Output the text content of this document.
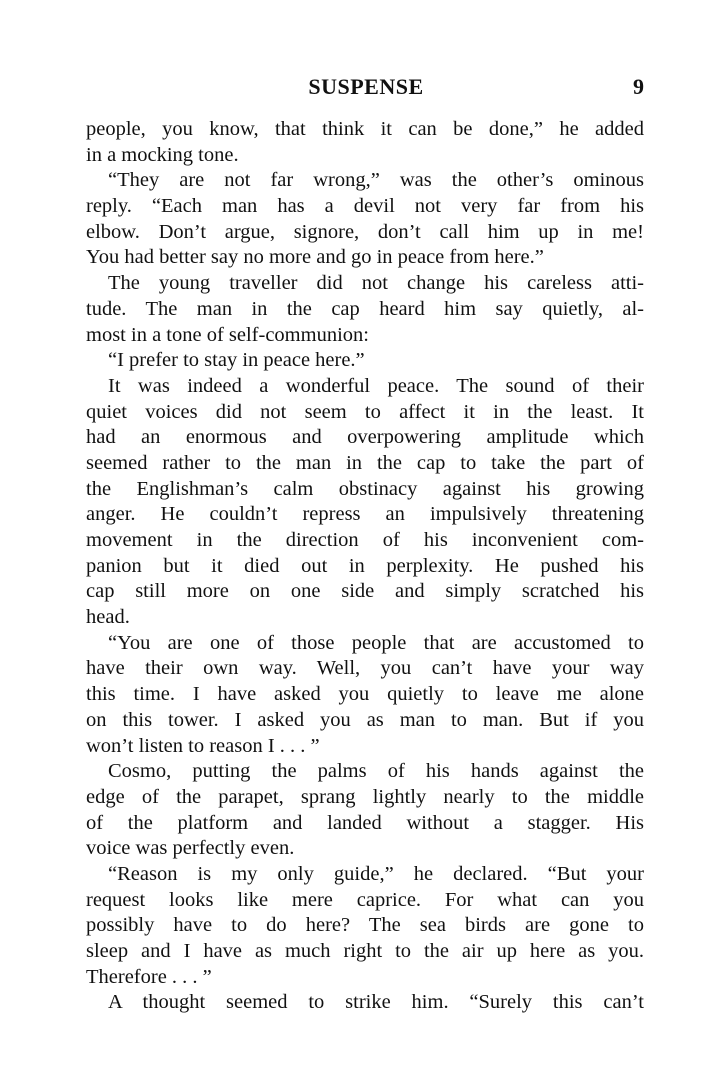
SUSPENSE	9
people, you know, that think it can be done,” he added
in a mocking tone.
“They are not far wrong,” was the other’s ominous
reply. “Each man has a devil not very far from his
elbow. Don’t argue, signore, don’t call him up in me!
You had better say no more and go in peace from here.”
The young traveller did not change his careless atti-
tude. The man in the cap heard him say quietly, al-
most in a tone of self-communion:
“I prefer to stay in peace here.”
It was indeed a wonderful peace. The sound of their
quiet voices did not seem to affect it in the least. It
had an enormous and overpowering amplitude which
seemed rather to the man in the cap to take the part of
the Englishman’s calm obstinacy against his growing
anger. He couldn’t repress an impulsively threatening
movement in the direction of his inconvenient com-
panion but it died out in perplexity. He pushed his
cap still more on one side and simply scratched his
head.
“You are one of those people that are accustomed to
have their own way. Well, you can’t have your way
this time. I have asked you quietly to leave me alone
on this tower. I asked you as man to man. But if you
won’t listen to reason I . . . ”
Cosmo, putting the palms of his hands against the
edge of the parapet, sprang lightly nearly to the middle
of the platform and landed without a stagger. His
voice was perfectly even.
“Reason is my only guide,” he declared. “But your
request looks like mere caprice. For what can you
possibly have to do here? The sea birds are gone to
sleep and I have as much right to the air up here as you.
Therefore . . . ”
A thought seemed to strike him. “Surely this can’t
